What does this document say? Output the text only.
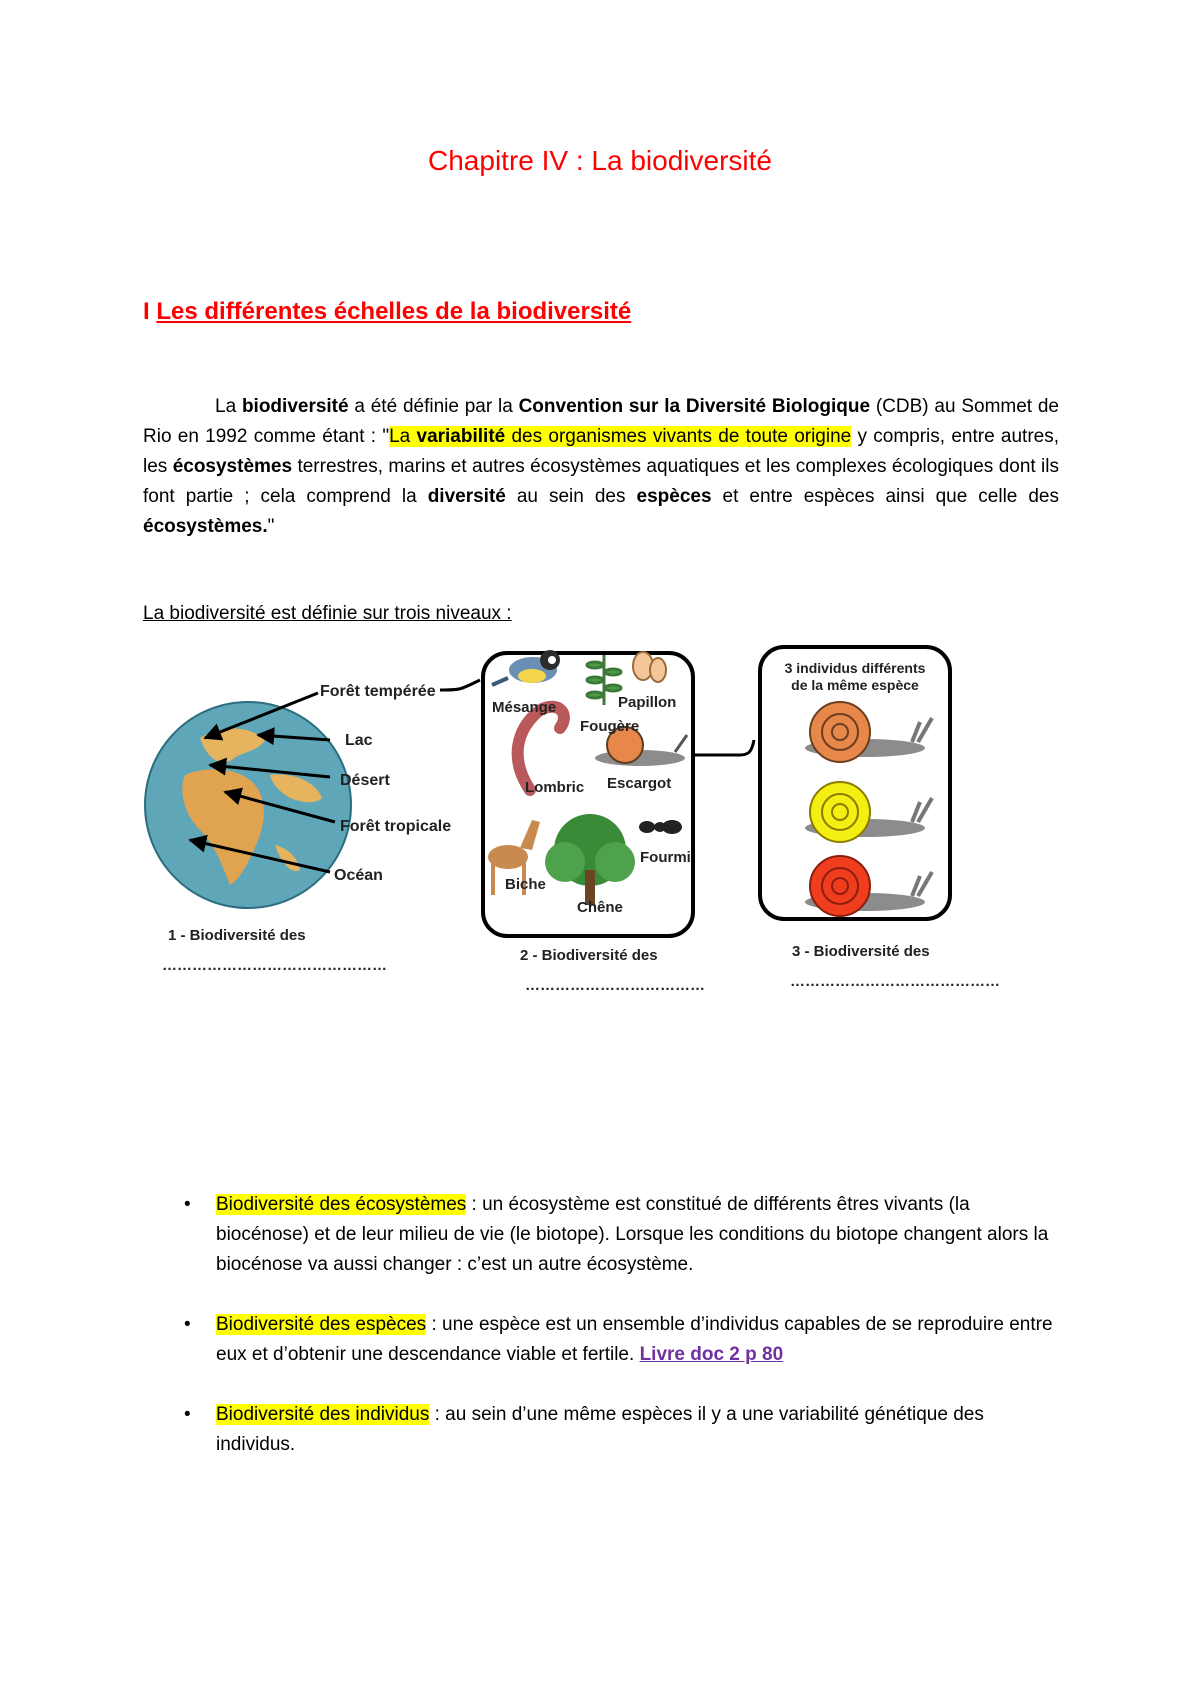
Chapitre IV : La biodiversité
I Les différentes échelles de la biodiversité

La biodiversité a été définie par la Convention sur la Diversité Biologique (CDB) au Sommet de Rio en 1992 comme étant : "La variabilité des organismes vivants de toute origine y compris, entre autres, les écosystèmes terrestres, marins et autres écosystèmes aquatiques et les complexes écologiques dont ils font partie ; cela comprend la diversité au sein des espèces et entre espèces ainsi que celle des écosystèmes."

La biodiversité est définie sur trois niveaux :

Forêt tempérée
Lac
Désert
Forêt tropicale
Océan
Mésange	Papillon
Fougère
Lombric Escargot
Biche
Fourmi
Chêne
3 individus différents
de la même espèce
1 - Biodiversité des
………………………………………
2 - Biodiversité des
………………………………
3 - Biodiversité des
……………………………………
• Biodiversité des écosystèmes : un écosystème est constitué de différents êtres vivants (la biocénose) et de leur milieu de vie (le biotope). Lorsque les conditions du biotope changent alors la biocénose va aussi changer : c’est un autre écosystème.
• Biodiversité des espèces : une espèce est un ensemble d’individus capables de se reproduire entre eux et d’obtenir une descendance viable et fertile. Livre doc 2 p 80
• Biodiversité des individus : au sein d’une même espèces il y a une variabilité génétique des individus.
